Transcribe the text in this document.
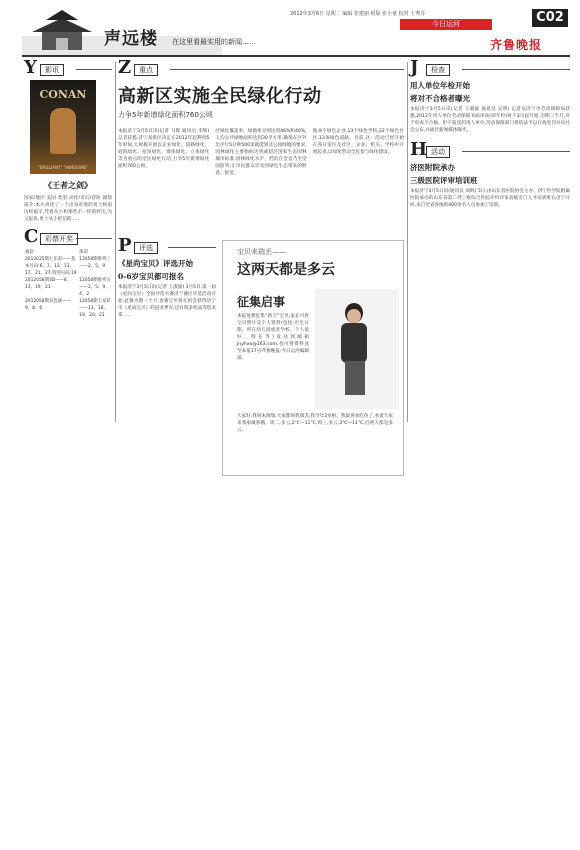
声远楼 在这里看最实用的新闻……
2012年3月6日 星期二 编辑 张建丽 组版 张小童 校对 王秀芬
今日运河	C02
齐鲁晚报
Y	影讯
CONAN
"BRILLIANT" "AWESOME"
《王者之剑》
国家/地区:美国 类型:动作/奇幻/冒险 剧情简介:本片讲述了一个出身贫寒的勇士柯南历经艰辛,凭着从小和那些不一样的经历,为父报仇,勇士从小把信仰……
C 彩票开奖
福彩	体彩
2012025期七乐彩——基本号码:6、7、12、13、17、21、27,特别号码:19	12058期排列三——2、5、9
2012058期3D——8、13、19、23	12058期排列五——2、5、9、4、2
2012058期双色球——9、8、6	12058期七星彩——13、18、19、20、21
Z	重点
高新区实施全民绿化行动
力争5年新增绿化面积760公顷
本报济宁3月5日讯(记者 马辉 通讯员 李辉) 记者获悉,济宁高新区决定在2012年起利用5年时间,大规模开展以企业绿化、道路绿化、庭院绿化、屋顶绿化、墙体绿化、立体绿化等为重点的全民绿化行动,力争5年新增绿化面积760公顷。
区绿化覆盖率、绿地率分别达到46%和40%,人均公共绿地面积达到30平方米,确保在区外出步行5分钟500米就能到达公园绿地的要求,园林绿化主要指标达到或超过国家生态园林城市标准,园林绿化水平、档次在全省乃至全国前列,让市民群众享受到绿色生态带来的惬意、舒适。
地,9个绿色企业,13个绿色学校,22个绿色社区,13条绿色道路。目前,这一活动已经开始在各开发区及社区、企业、机关、学校中开展起来,以绿化带动全民参与绿化建设。
P	评选
《星尚宝贝》评选开始
0-6岁宝贝都可报名
本报济宁3月5日讯(记者 王淑波) 3月5日,第一届《星尚宝贝》全国评选大赛济宁赛区评选活动开始,此赛为期一个月,参赛宝贝将在机会获得济宁市《星尚宝贝》的冠亚季军,还有很多奖品等您来拿……
宝贝来瑞丢——
这两天都是多云
征集启事
本报免费征集“新天”宝贝,家长可将宝贝照片及个人资料(包括:出生日期、所在幼儿园或者学校、个人爱好、特长等)发送到邮箱jnyhxx@163.com,也可将资料送至本报17号齐鲁晚报·今日运河编辑部。
大家好,我叫朱海瑞,大家都叫我瑞丢,我今年2岁啦。我最喜欢吃鱼了,看童大家来我家做客哦。周二,多云,2℃—11℃,周三,多云,3℃—11℃,近两天都是多云。
J	检查
用人单位年检开始
将对不合格者曝光
本报济宁3月5日讯(记者 王淑波 通讯员 吴明) 记者从济宁市劳动保障局获悉,2012年用人单位劳动保障书面审查(即年检)将于3月起开始,为期三个月,对于审查不合格、拒不报送的用人单位,劳动保障部门将依法予以行政处罚并向社会公布,并通过新闻媒体曝光。
H 活动
济医附院承办
三级医院评审培训班
本报济宁3月5日讯(通讯员 刘辉) 5日,由山东省医院协会主办、济宁医学院附属医院承办的山东省第二周三级综合医院评价评审高级专门人才培训班在济宁开班,来自全省各地的400余名人员参加了培训。
